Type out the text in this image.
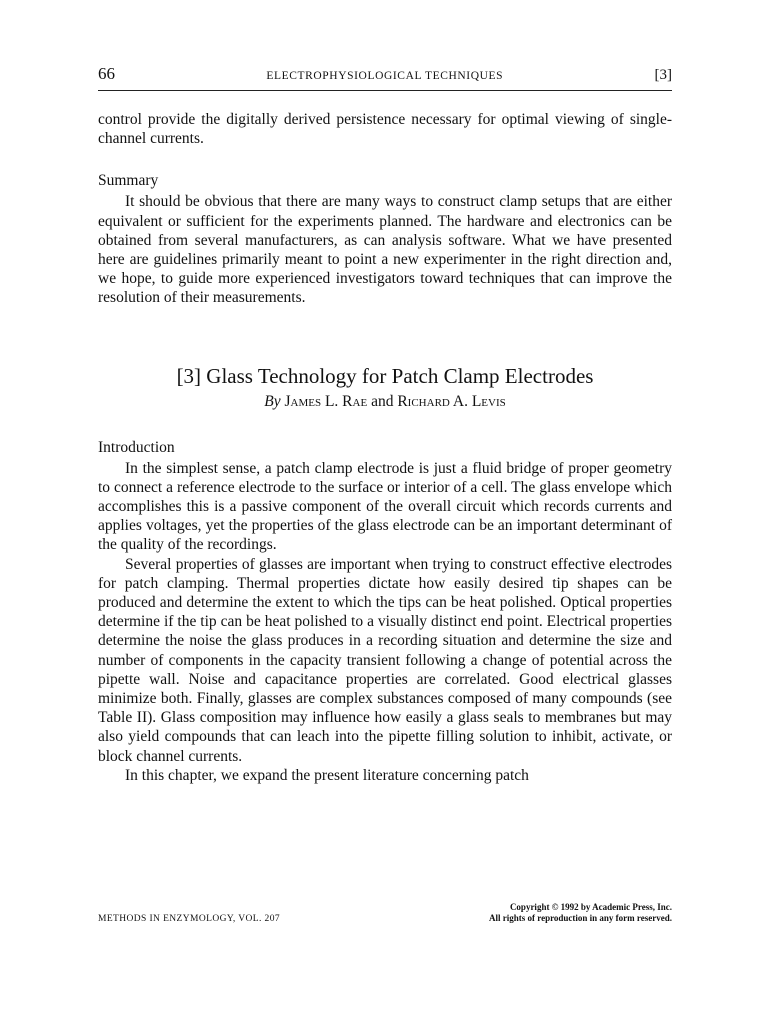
66	ELECTROPHYSIOLOGICAL TECHNIQUES	[3]

control provide the digitally derived persistence necessary for optimal viewing of single-channel currents.

Summary

It should be obvious that there are many ways to construct clamp setups that are either equivalent or sufficient for the experiments planned. The hardware and electronics can be obtained from several manufacturers, as can analysis software. What we have presented here are guidelines primarily meant to point a new experimenter in the right direction and, we hope, to guide more experienced investigators toward techniques that can improve the resolution of their measurements.

[3] Glass Technology for Patch Clamp Electrodes
By James L. Rae and Richard A. Levis
Introduction

In the simplest sense, a patch clamp electrode is just a fluid bridge of proper geometry to connect a reference electrode to the surface or interior of a cell. The glass envelope which accomplishes this is a passive component of the overall circuit which records currents and applies voltages, yet the properties of the glass electrode can be an important determinant of the quality of the recordings.

Several properties of glasses are important when trying to construct effective electrodes for patch clamping. Thermal properties dictate how easily desired tip shapes can be produced and determine the extent to which the tips can be heat polished. Optical properties determine if the tip can be heat polished to a visually distinct end point. Electrical properties determine the noise the glass produces in a recording situation and determine the size and number of components in the capacity transient following a change of potential across the pipette wall. Noise and capacitance properties are correlated. Good electrical glasses minimize both. Finally, glasses are complex substances composed of many compounds (see Table II). Glass composition may influence how easily a glass seals to membranes but may also yield compounds that can leach into the pipette filling solution to inhibit, activate, or block channel currents.

In this chapter, we expand the present literature concerning patch

METHODS IN ENZYMOLOGY, VOL. 207
Copyright © 1992 by Academic Press, Inc.
All rights of reproduction in any form reserved.
